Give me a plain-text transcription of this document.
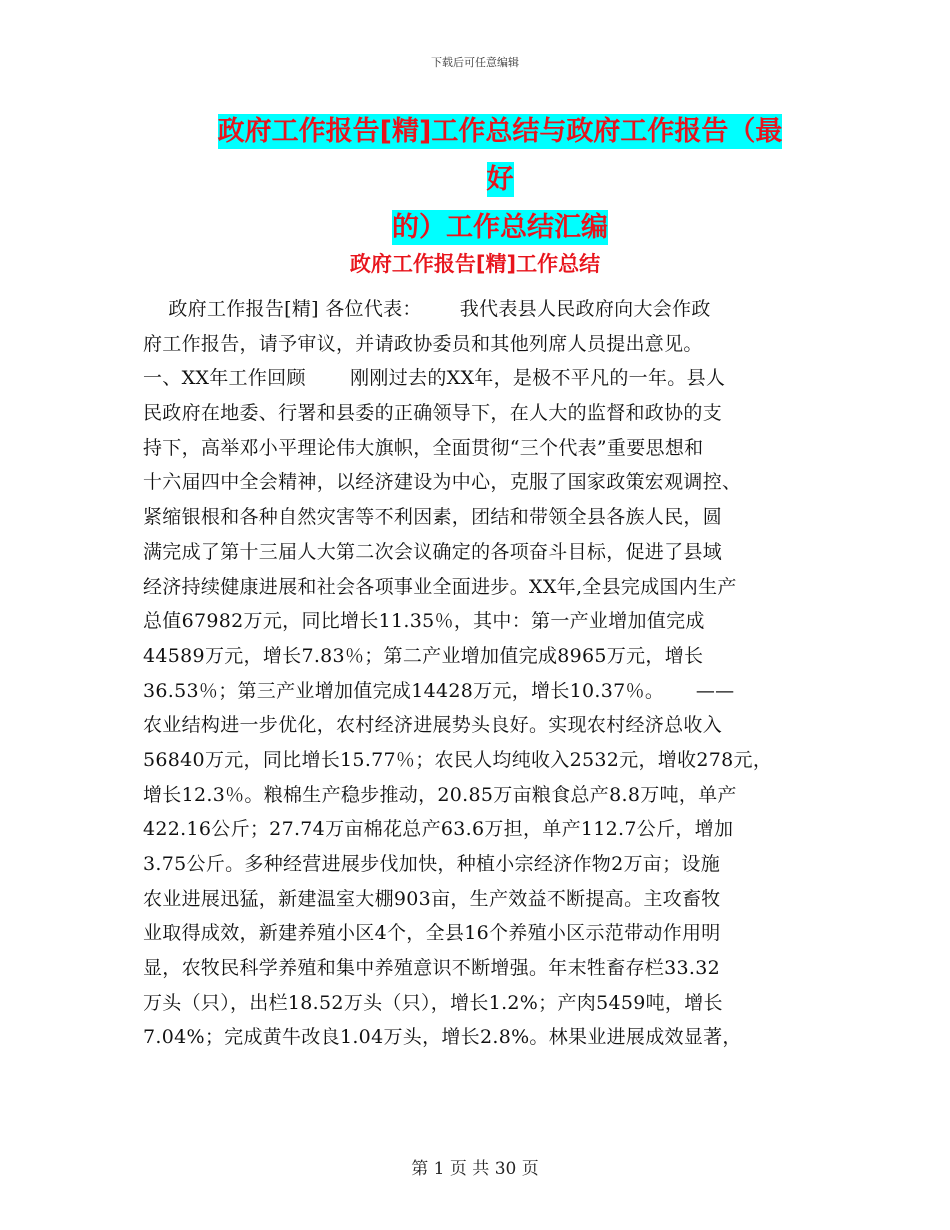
下载后可任意编辑
政府工作报告[精]工作总结与政府工作报告（最好
的）工作总结汇编
政府工作报告[精]工作总结
政府工作报告[精] 各位代表：      我代表县人民政府向大会作政
府工作报告，请予审议，并请政协委员和其他列席人员提出意见。
一、XX年工作回顾       刚刚过去的XX年，是极不平凡的一年。县人
民政府在地委、行署和县委的正确领导下，在人大的监督和政协的支
持下，高举邓小平理论伟大旗帜，全面贯彻“三个代表”重要思想和
十六届四中全会精神，以经济建设为中心，克服了国家政策宏观调控、
紧缩银根和各种自然灾害等不利因素，团结和带领全县各族人民，圆
满完成了第十三届人大第二次会议确定的各项奋斗目标，促进了县域
经济持续健康进展和社会各项事业全面进步。XX年,全县完成国内生产
总值67982万元，同比增长11.35％，其中：第一产业增加值完成
44589万元，增长7.83％；第二产业增加值完成8965万元，增长
36.53％；第三产业增加值完成14428万元，增长10.37％。     ——
农业结构进一步优化，农村经济进展势头良好。实现农村经济总收入
56840万元，同比增长15.77％；农民人均纯收入2532元，增收278元，
增长12.3％。粮棉生产稳步推动，20.85万亩粮食总产8.8万吨，单产
422.16公斤；27.74万亩棉花总产63.6万担，单产112.7公斤，增加
3.75公斤。多种经营进展步伐加快，种植小宗经济作物2万亩；设施
农业进展迅猛，新建温室大棚903亩，生产效益不断提高。主攻畜牧
业取得成效，新建养殖小区4个，全县16个养殖小区示范带动作用明
显，农牧民科学养殖和集中养殖意识不断增强。年末牲畜存栏33.32
万头（只），出栏18.52万头（只），增长1.2%；产肉5459吨，增长
7.04%；完成黄牛改良1.04万头，增长2.8%。林果业进展成效显著，
第 1 页 共 30 页
